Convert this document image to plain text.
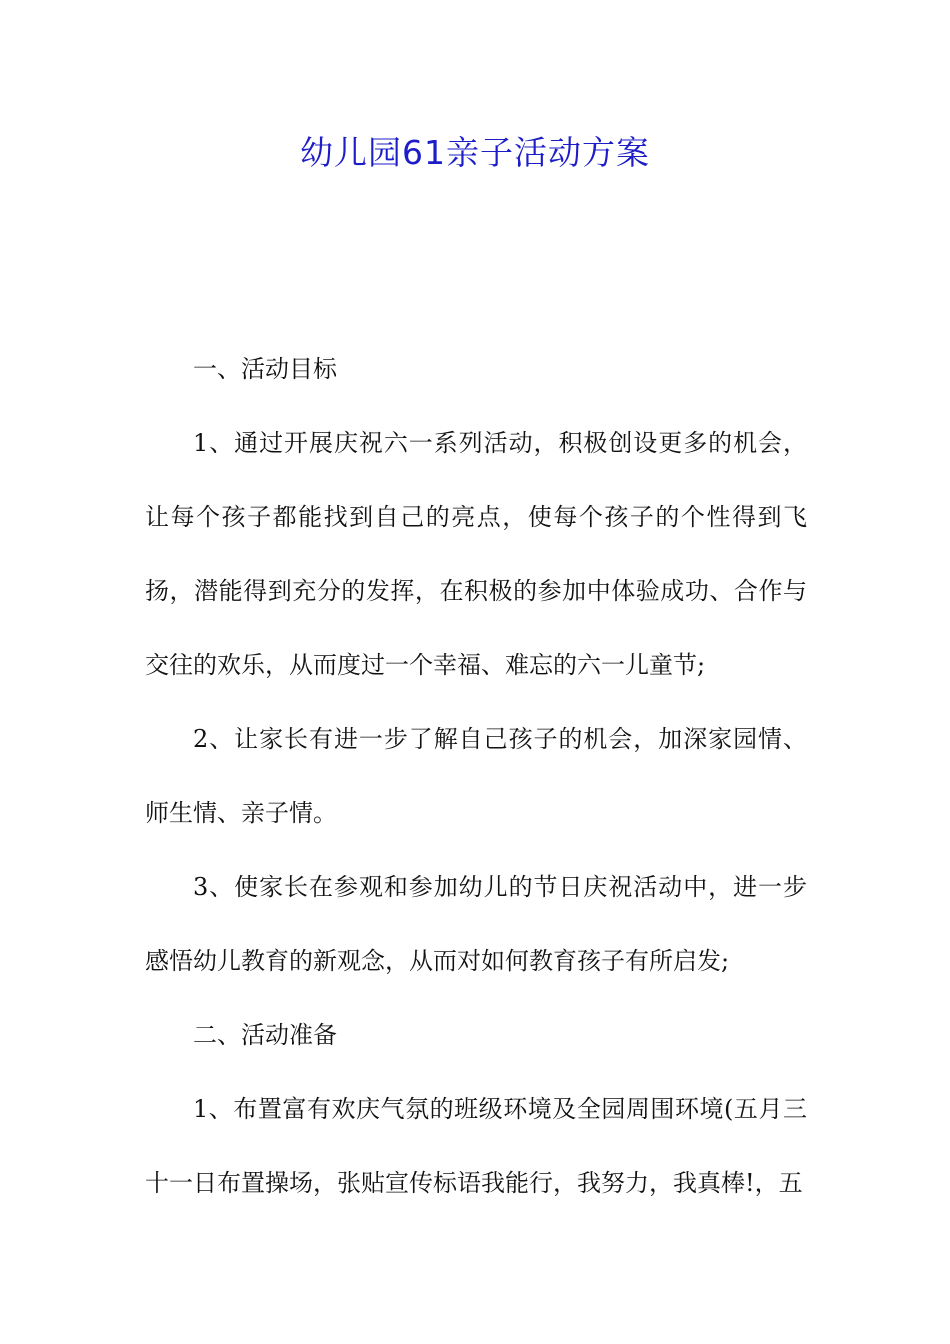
幼儿园61亲子活动方案

一、活动目标

1、通过开展庆祝六一系列活动，积极创设更多的机会，让每个孩子都能找到自己的亮点，使每个孩子的个性得到飞扬，潜能得到充分的发挥，在积极的参加中体验成功、合作与交往的欢乐，从而度过一个幸福、难忘的六一儿童节;

2、让家长有进一步了解自己孩子的机会，加深家园情、师生情、亲子情。

3、使家长在参观和参加幼儿的节日庆祝活动中，进一步感悟幼儿教育的新观念，从而对如何教育孩子有所启发;

二、活动准备

1、布置富有欢庆气氛的班级环境及全园周围环境(五月三十一日布置操场，张贴宣传标语我能行，我努力，我真棒!，五
